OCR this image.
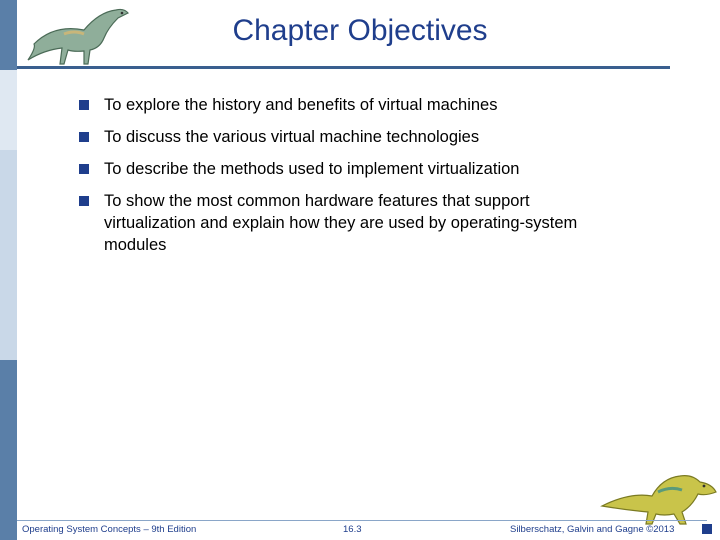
Chapter Objectives
To explore the history and benefits of virtual machines
To discuss the various virtual machine technologies
To describe the methods used to implement virtualization
To show the most common hardware features that support virtualization and explain how they are used by operating-system modules
Operating System Concepts – 9th Edition	16.3	Silberschatz, Galvin and Gagne ©2013
